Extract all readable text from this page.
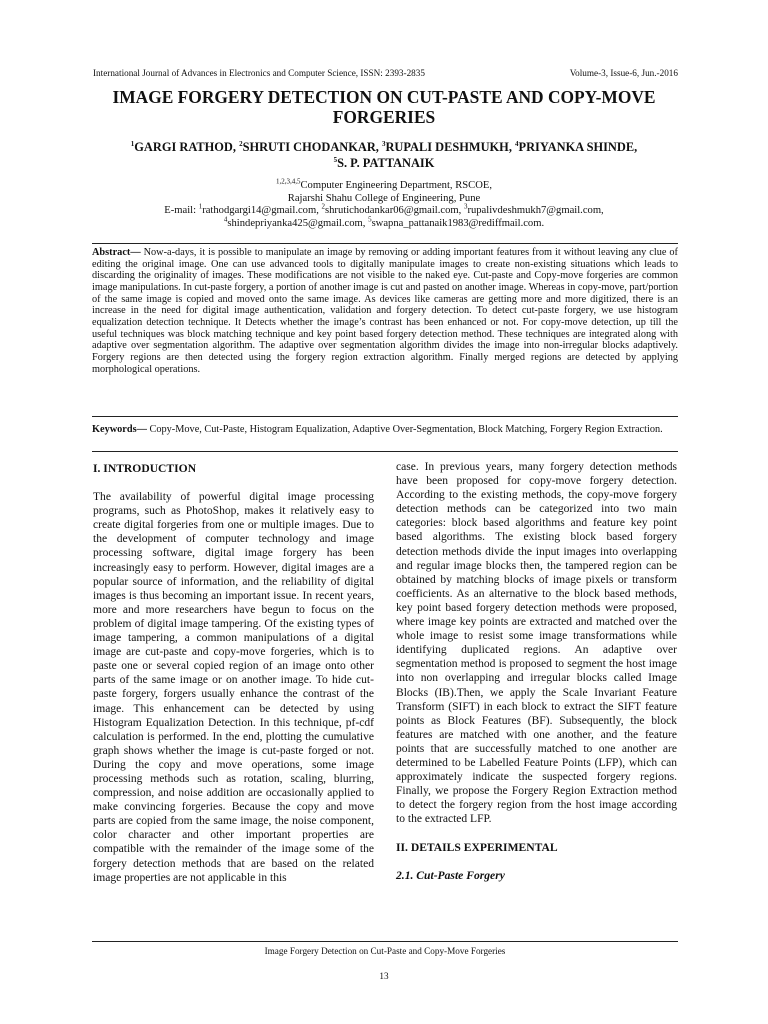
International Journal of Advances in Electronics and Computer Science, ISSN: 2393-2835	Volume-3, Issue-6, Jun.-2016
IMAGE FORGERY DETECTION ON CUT-PASTE AND COPY-MOVE FORGERIES
$^1$GARGI RATHOD, $^2$SHRUTI CHODANKAR, $^3$RUPALI DESHMUKH, $^4$PRIYANKA SHINDE,
$^5$S. P. PATTANAIK
$^{1,2,3,4,5}$Computer Engineering Department, RSCOE,
Rajarshi Shahu College of Engineering, Pune
E-mail: $^1$rathodgargi14@gmail.com, $^2$shrutichodankar06@gmail.com, $^3$rupalivdeshmukh7@gmail.com,
$^4$shindepriyanka425@gmail.com, $^5$swapna_pattanaik1983@rediffmail.com.
Abstract— Now-a-days, it is possible to manipulate an image by removing or adding important features from it without leaving any clue of editing the original image. One can use advanced tools to digitally manipulate images to create non-existing situations which leads to discarding the originality of images. These modifications are not visible to the naked eye. Cut-paste and Copy-move forgeries are common image manipulations. In cut-paste forgery, a portion of another image is cut and pasted on another image. Whereas in copy-move, part/portion of the same image is copied and moved onto the same image. As devices like cameras are getting more and more digitized, there is an increase in the need for digital image authentication, validation and forgery detection. To detect cut-paste forgery, we use histogram equalization detection technique. It Detects whether the image’s contrast has been enhanced or not. For copy-move detection, up till the useful techniques was block matching technique and key point based forgery detection method. These techniques are integrated along with adaptive over segmentation algorithm. The adaptive over segmentation algorithm divides the image into non-irregular blocks adaptively. Forgery regions are then detected using the forgery region extraction algorithm. Finally merged regions are detected by applying morphological operations.
Keywords— Copy-Move, Cut-Paste, Histogram Equalization, Adaptive Over-Segmentation, Block Matching, Forgery Region Extraction.

I. INTRODUCTION

The availability of powerful digital image processing programs, such as PhotoShop, makes it relatively easy to create digital forgeries from one or multiple images. Due to the development of computer technology and image processing software, digital image forgery has been increasingly easy to perform. However, digital images are a popular source of information, and the reliability of digital images is thus becoming an important issue. In recent years, more and more researchers have begun to focus on the problem of digital image tampering. Of the existing types of image tampering, a common manipulations of a digital image are cut-paste and copy-move forgeries, which is to paste one or several copied region of an image onto other parts of the same image or on another image. To hide cut-paste forgery, forgers usually enhance the contrast of the image. This enhancement can be detected by using Histogram Equalization Detection. In this technique, pf-cdf calculation is performed. In the end, plotting the cumulative graph shows whether the image is cut-paste forged or not. During the copy and move operations, some image processing methods such as rotation, scaling, blurring, compression, and noise addition are occasionally applied to make convincing forgeries. Because the copy and move parts are copied from the same image, the noise component, color character and other important properties are compatible with the remainder of the image some of the forgery detection methods that are based on the related image properties are not applicable in this

case. In previous years, many forgery detection methods have been proposed for copy-move forgery detection. According to the existing methods, the copy-move forgery detection methods can be categorized into two main categories: block based algorithms and feature key point based algorithms. The existing block based forgery detection methods divide the input images into overlapping and regular image blocks then, the tampered region can be obtained by matching blocks of image pixels or transform coefficients. As an alternative to the block based methods, key point based forgery detection methods were proposed, where image key points are extracted and matched over the whole image to resist some image transformations while identifying duplicated regions. An adaptive over segmentation method is proposed to segment the host image into non overlapping and irregular blocks called Image Blocks (IB).Then, we apply the Scale Invariant Feature Transform (SIFT) in each block to extract the SIFT feature points as Block Features (BF). Subsequently, the block features are matched with one another, and the feature points that are successfully matched to one another are determined to be Labelled Feature Points (LFP), which can approximately indicate the suspected forgery regions. Finally, we propose the Forgery Region Extraction method to detect the forgery region from the host image according to the extracted LFP.

II. DETAILS EXPERIMENTAL

2.1. Cut-Paste Forgery

Image Forgery Detection on Cut-Paste and Copy-Move Forgeries
13
